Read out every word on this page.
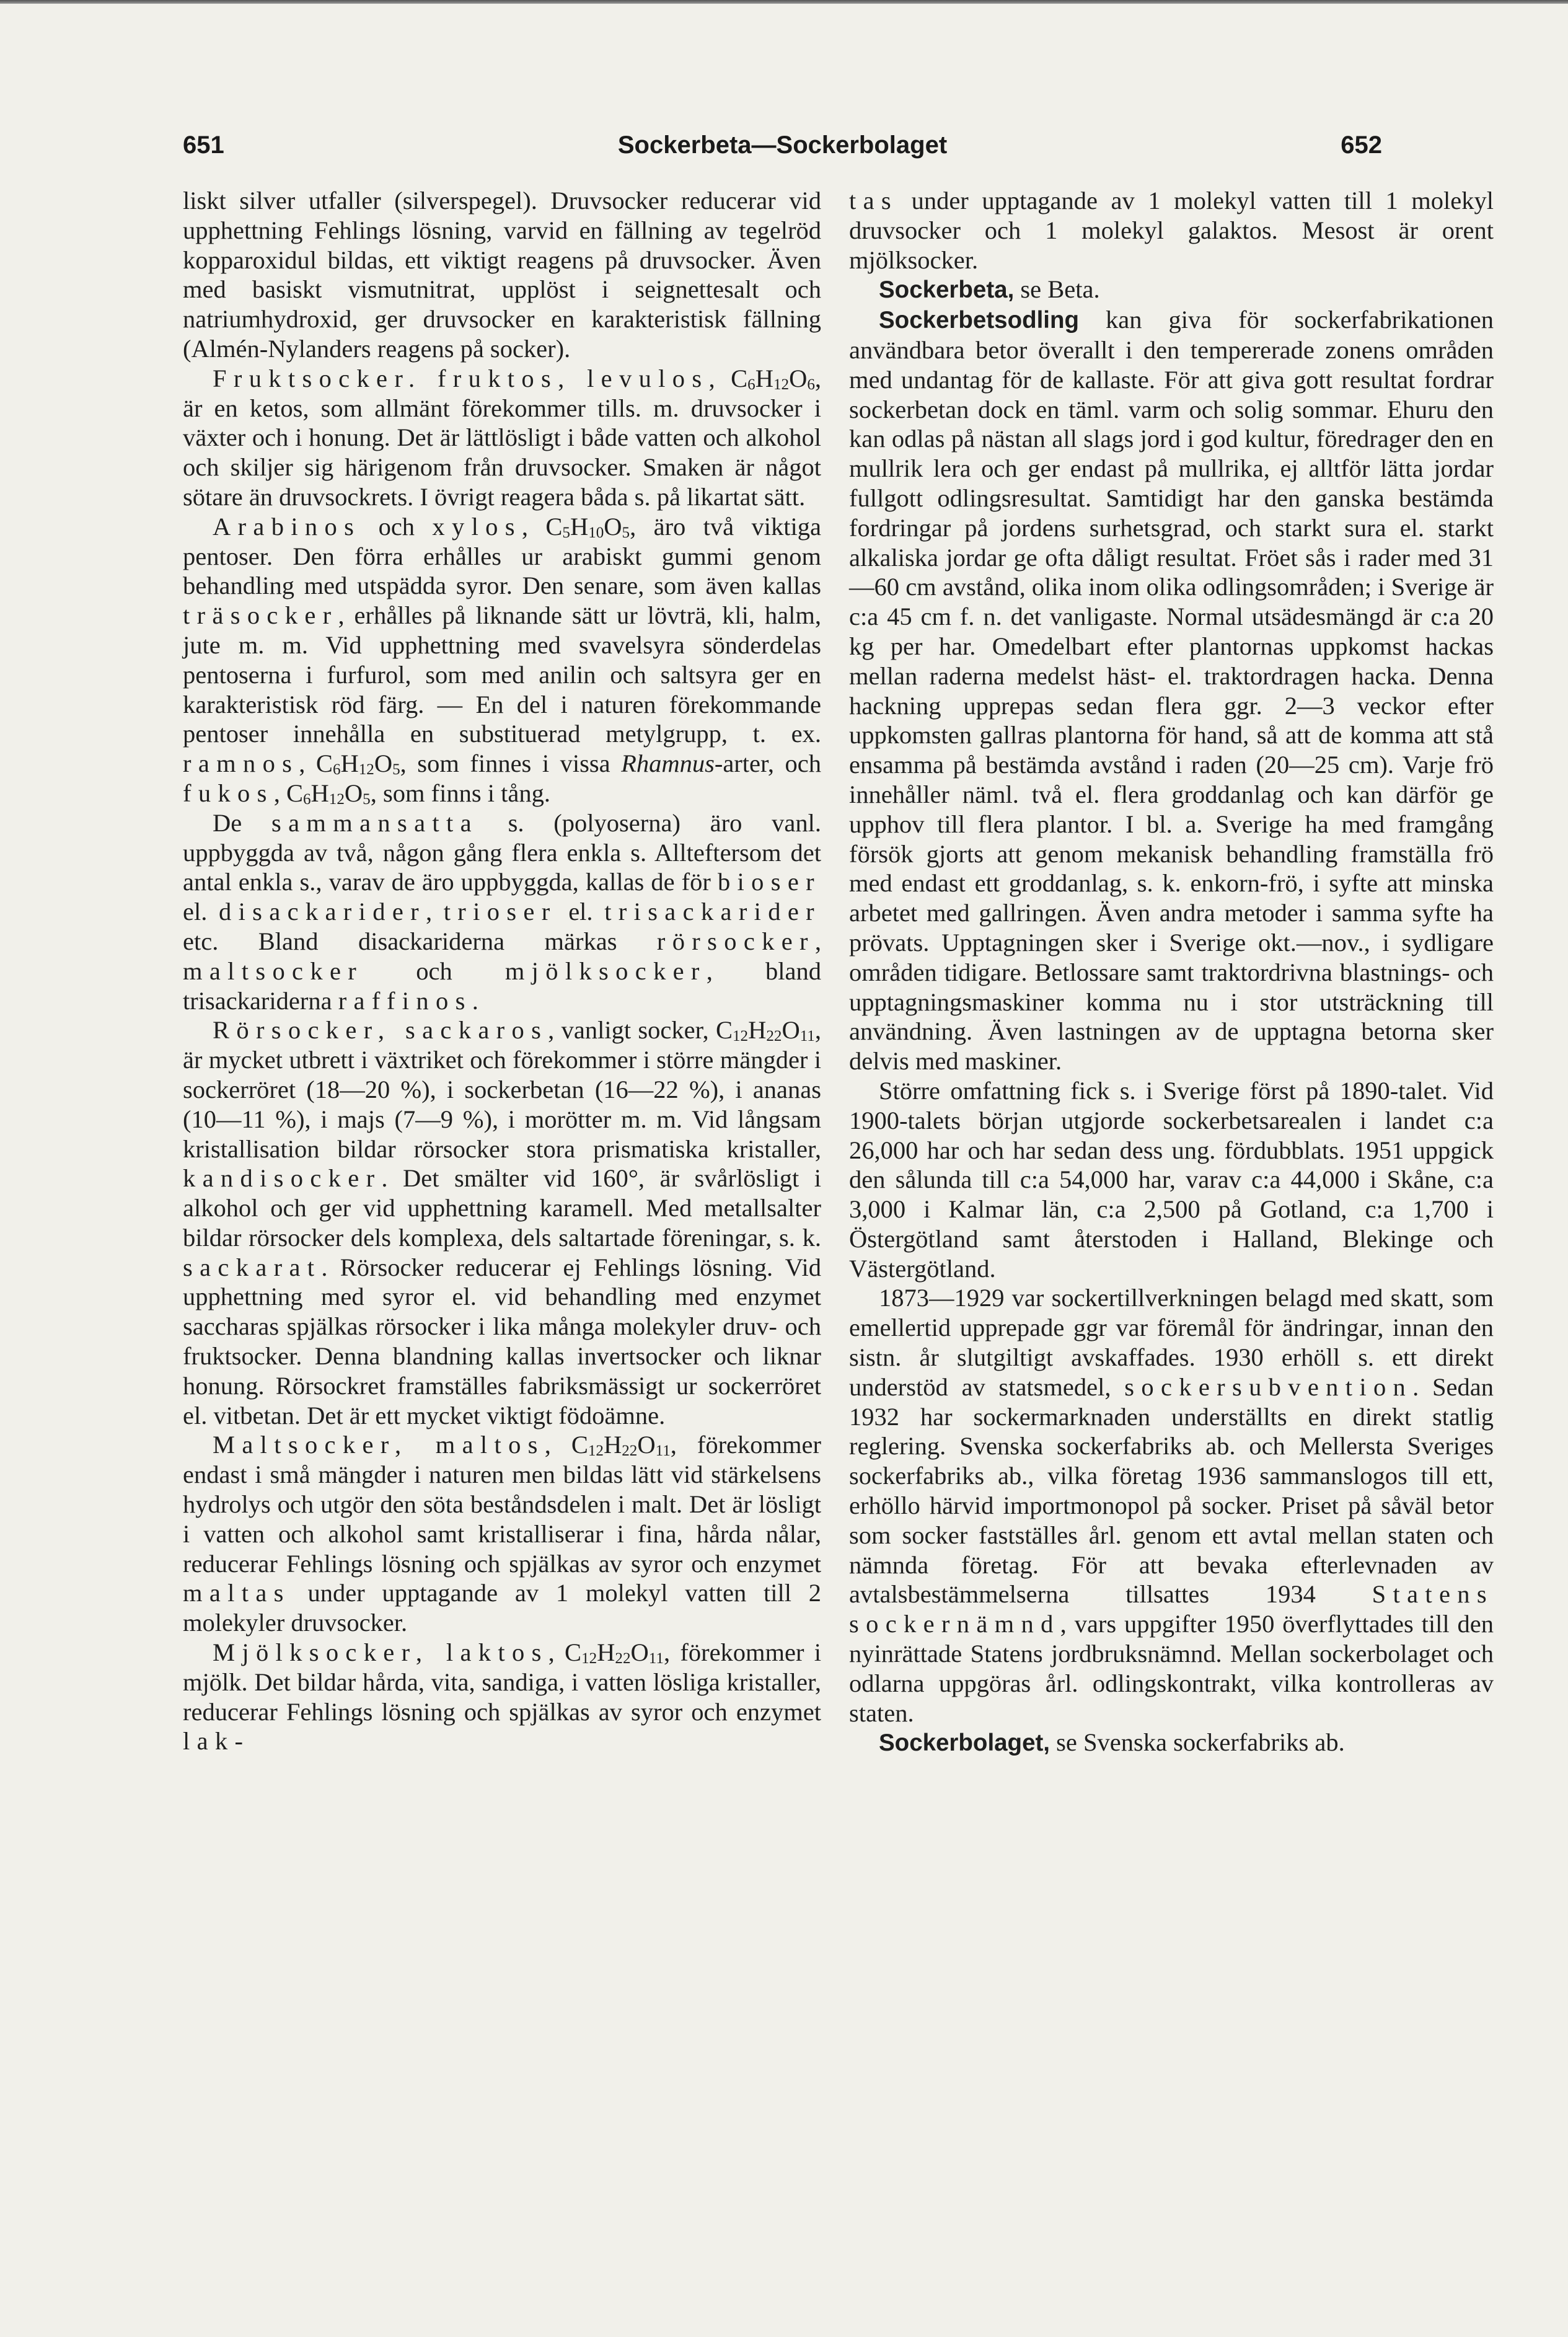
651	Sockerbeta—Sockerbolaget	652

liskt silver utfaller (silverspegel). Druvsocker reducerar vid upphettning Fehlings lösning, varvid en fällning av tegelröd kopparoxidul bildas, ett viktigt reagens på druvsocker. Även med basiskt vismutnitrat, upplöst i seignettesalt och natriumhydroxid, ger druvsocker en karakteristisk fällning (Almén-Nylanders reagens på socker).

Fruktsocker. fruktos, levulos, $C_6H_{12}O_6$, är en ketos, som allmänt förekommer tills. m. druvsocker i växter och i honung. Det är lättlösligt i både vatten och alkohol och skiljer sig härigenom från druvsocker. Smaken är något sötare än druvsockrets. I övrigt reagera båda s. på likartat sätt.

Arabinos och xylos, $C_5H_{10}O_5$, äro två viktiga pentoser. Den förra erhålles ur arabiskt gummi genom behandling med utspädda syror. Den senare, som även kallas träsocker, erhålles på liknande sätt ur lövträ, kli, halm, jute m. m. Vid upphettning med svavelsyra sönderdelas pentoserna i furfurol, som med anilin och saltsyra ger en karakteristisk röd färg. — En del i naturen förekommande pentoser innehålla en substituerad metylgrupp, t. ex. ramnos, $C_6H_{12}O_5$, som finnes i vissa Rhamnus-arter, och fukos, $C_6H_{12}O_5$, som finns i tång.

De sammansatta s. (polyoserna) äro vanl. uppbyggda av två, någon gång flera enkla s. Allteftersom det antal enkla s., varav de äro uppbyggda, kallas de för bioser el. disackarider, trioser el. trisackarider etc. Bland disackariderna märkas rörsocker, maltsocker och mjölksocker, bland trisackariderna raffinos.

Rörsocker, sackaros, vanligt socker, $C_{12}H_{22}O_{11}$, är mycket utbrett i växtriket och förekommer i större mängder i sockerröret (18—20 %), i sockerbetan (16—22 %), i ananas (10—11 %), i majs (7—9 %), i morötter m. m. Vid långsam kristallisation bildar rörsocker stora prismatiska kristaller, kandisocker. Det smälter vid 160°, är svårlösligt i alkohol och ger vid upphettning karamell. Med metallsalter bildar rörsocker dels komplexa, dels saltartade föreningar, s. k. sackarat. Rörsocker reducerar ej Fehlings lösning. Vid upphettning med syror el. vid behandling med enzymet saccharas spjälkas rörsocker i lika många molekyler druv- och fruktsocker. Denna blandning kallas invertsocker och liknar honung. Rörsockret framställes fabriksmässigt ur sockerröret el. vitbetan. Det är ett mycket viktigt födoämne.

Maltsocker, maltos, $C_{12}H_{22}O_{11}$, förekommer endast i små mängder i naturen men bildas lätt vid stärkelsens hydrolys och utgör den söta beståndsdelen i malt. Det är lösligt i vatten och alkohol samt kristalliserar i fina, hårda nålar, reducerar Fehlings lösning och spjälkas av syror och enzymet maltas under upptagande av 1 molekyl vatten till 2 molekyler druvsocker.

Mjölksocker, laktos, $C_{12}H_{22}O_{11}$, förekommer i mjölk. Det bildar hårda, vita, sandiga, i vatten lösliga kristaller, reducerar Fehlings lösning och spjälkas av syror och enzymet lak-

tas under upptagande av 1 molekyl vatten till 1 molekyl druvsocker och 1 molekyl galaktos. Mesost är orent mjölksocker.

Sockerbeta, se Beta.

Sockerbetsodling kan giva för sockerfabrikationen användbara betor överallt i den tempererade zonens områden med undantag för de kallaste. För att giva gott resultat fordrar sockerbetan dock en täml. varm och solig sommar. Ehuru den kan odlas på nästan all slags jord i god kultur, föredrager den en mullrik lera och ger endast på mullrika, ej alltför lätta jordar fullgott odlingsresultat. Samtidigt har den ganska bestämda fordringar på jordens surhetsgrad, och starkt sura el. starkt alkaliska jordar ge ofta dåligt resultat. Fröet sås i rader med 31—60 cm avstånd, olika inom olika odlingsområden; i Sverige är c:a 45 cm f. n. det vanligaste. Normal utsädesmängd är c:a 20 kg per har. Omedelbart efter plantornas uppkomst hackas mellan raderna medelst häst- el. traktordragen hacka. Denna hackning upprepas sedan flera ggr. 2—3 veckor efter uppkomsten gallras plantorna för hand, så att de komma att stå ensamma på bestämda avstånd i raden (20—25 cm). Varje frö innehåller näml. två el. flera groddanlag och kan därför ge upphov till flera plantor. I bl. a. Sverige ha med framgång försök gjorts att genom mekanisk behandling framställa frö med endast ett groddanlag, s. k. enkorn-frö, i syfte att minska arbetet med gallringen. Även andra metoder i samma syfte ha prövats. Upptagningen sker i Sverige okt.—nov., i sydligare områden tidigare. Betlossare samt traktordrivna blastnings- och upptagningsmaskiner komma nu i stor utsträckning till användning. Även lastningen av de upptagna betorna sker delvis med maskiner.

Större omfattning fick s. i Sverige först på 1890-talet. Vid 1900-talets början utgjorde sockerbetsarealen i landet c:a 26,000 har och har sedan dess ung. fördubblats. 1951 uppgick den sålunda till c:a 54,000 har, varav c:a 44,000 i Skåne, c:a 3,000 i Kalmar län, c:a 2,500 på Gotland, c:a 1,700 i Östergötland samt återstoden i Halland, Blekinge och Västergötland.

1873—1929 var sockertillverkningen belagd med skatt, som emellertid upprepade ggr var föremål för ändringar, innan den sistn. år slutgiltigt avskaffades. 1930 erhöll s. ett direkt understöd av statsmedel, sockersubvention. Sedan 1932 har sockermarknaden underställts en direkt statlig reglering. Svenska sockerfabriks ab. och Mellersta Sveriges sockerfabriks ab., vilka företag 1936 sammanslogos till ett, erhöllo härvid importmonopol på socker. Priset på såväl betor som socker fastställes årl. genom ett avtal mellan staten och nämnda företag. För att bevaka efterlevnaden av avtalsbestämmelserna tillsattes 1934 Statens sockernämnd, vars uppgifter 1950 överflyttades till den nyinrättade Statens jordbruksnämnd. Mellan sockerbolaget och odlarna uppgöras årl. odlingskontrakt, vilka kontrolleras av staten.

Sockerbolaget, se Svenska sockerfabriks ab.
